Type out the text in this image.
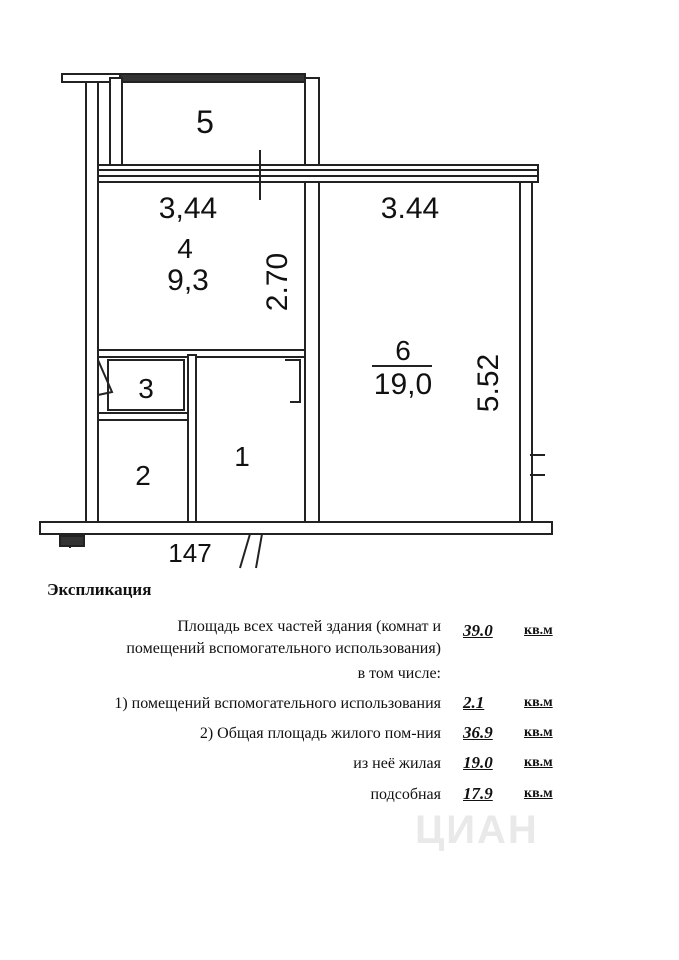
5
3,44
4
9,3 2.70
3.44
6
19,0 5.52
3
2
1
147
Экспликация
Площадь всех частей здания (комнат и 39.0 кв.м
помещений вспомогательного использования)
в том числе:
1) помещений вспомогательного использования 2.1	кв.м
2) Общая площадь жилого пом-ния 36.9 кв.м
из неё жилая 19.0 кв.м
подсобная 17.9 кв.м
ЦИАН
